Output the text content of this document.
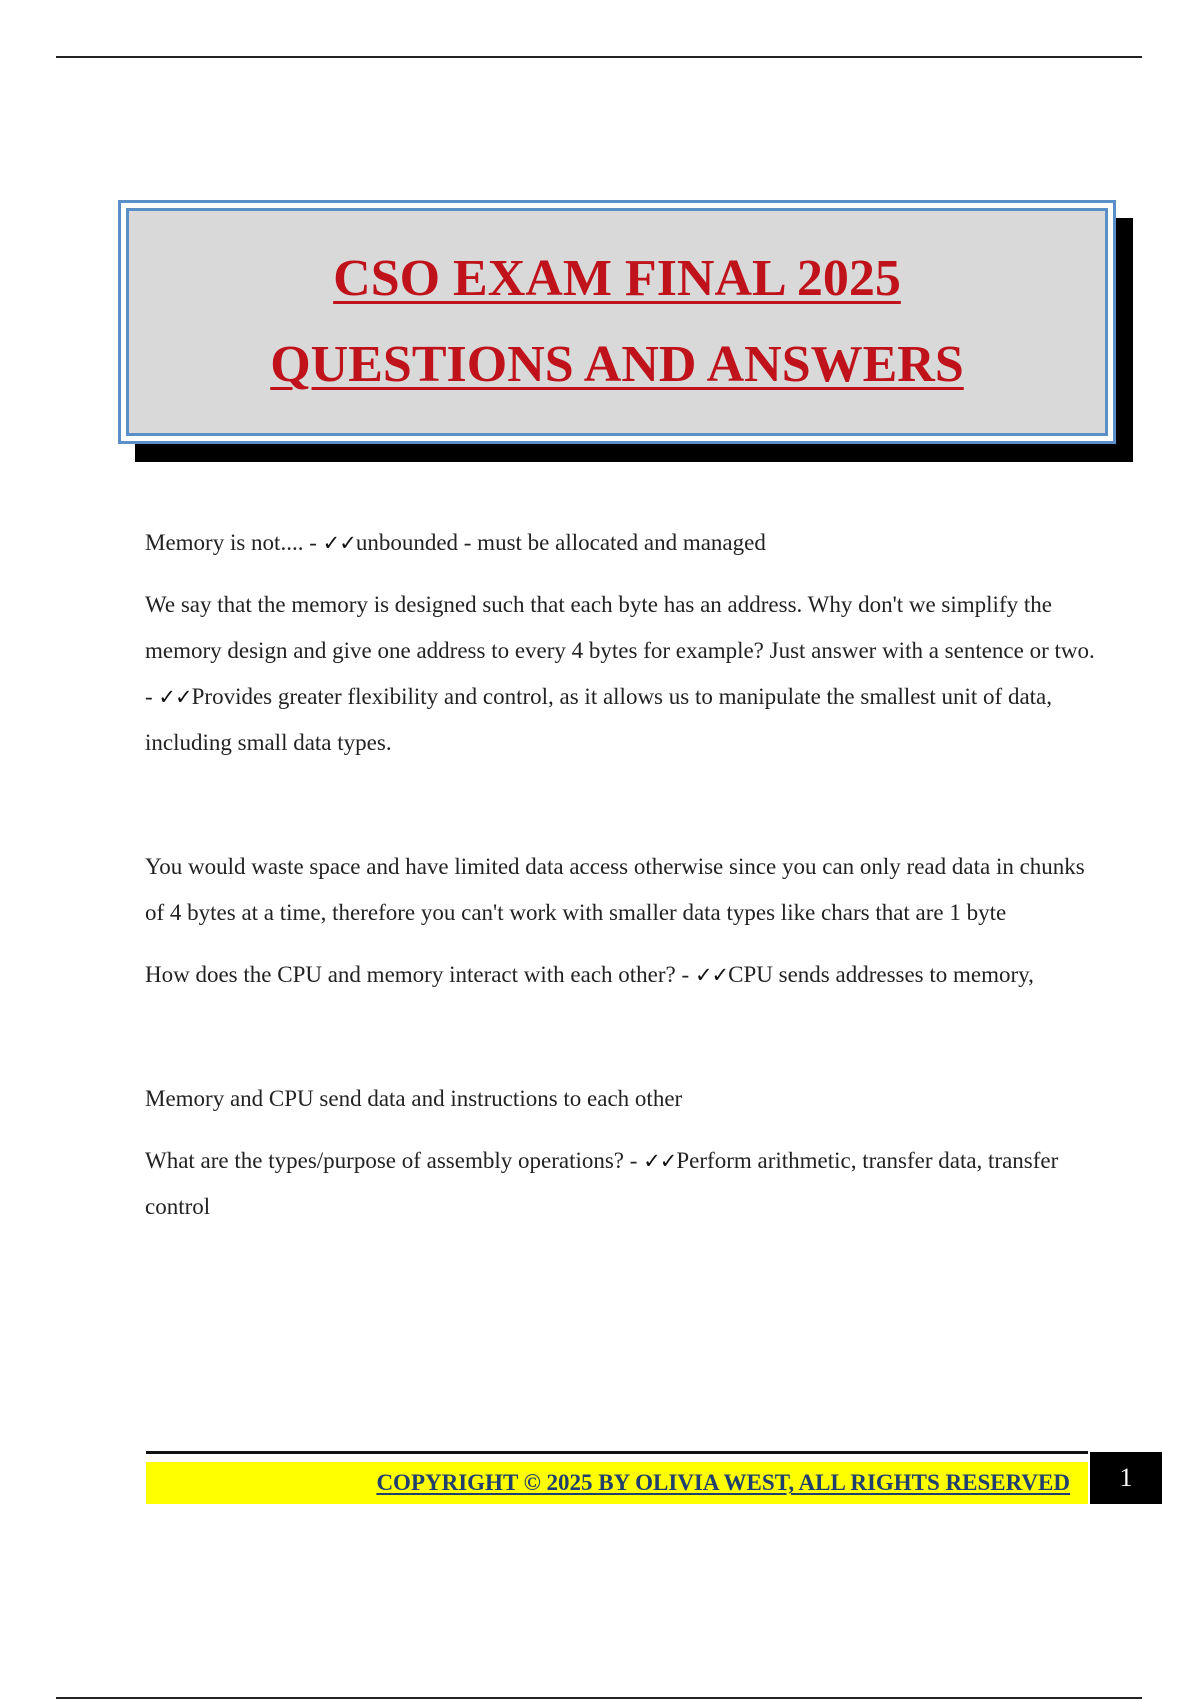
CSO EXAM FINAL 2025
QUESTIONS AND ANSWERS

Memory is not.... - ✓✓unbounded - must be allocated and managed

We say that the memory is designed such that each byte has an address. Why don't we simplify the memory design and give one address to every 4 bytes for example? Just answer with a sentence or two. - ✓✓Provides greater flexibility and control, as it allows us to manipulate the smallest unit of data, including small data types.

You would waste space and have limited data access otherwise since you can only read data in chunks of 4 bytes at a time, therefore you can't work with smaller data types like chars that are 1 byte

How does the CPU and memory interact with each other? - ✓✓CPU sends addresses to memory,

Memory and CPU send data and instructions to each other

What are the types/purpose of assembly operations? - ✓✓Perform arithmetic, transfer data, transfer control

COPYRIGHT © 2025 BY OLIVIA WEST, ALL RIGHTS RESERVED 1
